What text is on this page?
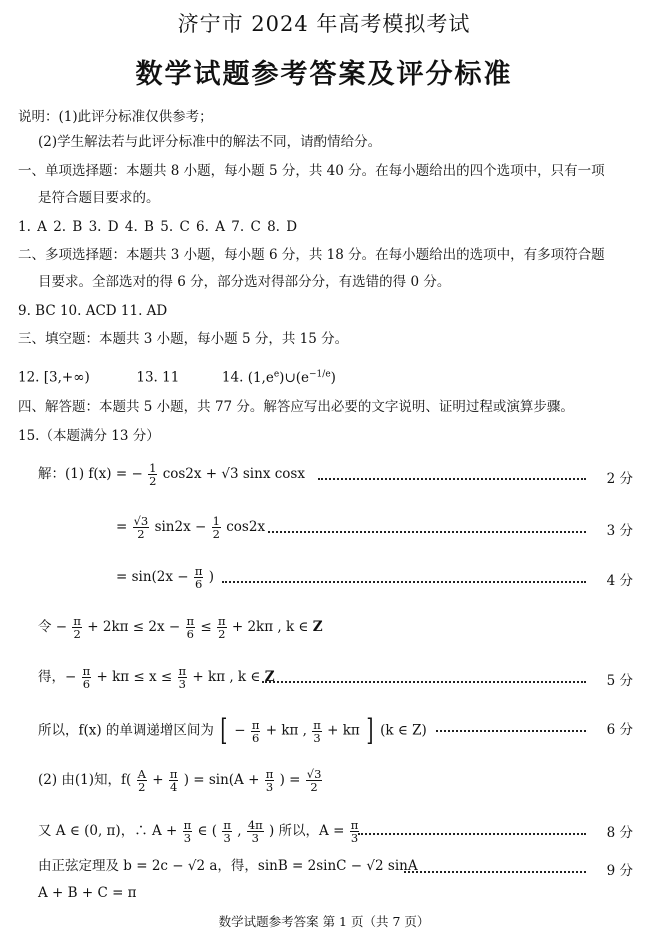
济宁市 2024 年高考模拟考试
数学试题参考答案及评分标准
说明：(1)此评分标准仅供参考；
(2)学生解法若与此评分标准中的解法不同，请酌情给分。
一、单项选择题：本题共 8 小题，每小题 5 分，共 40 分。在每小题给出的四个选项中，只有一项
是符合题目要求的。
1. A 2. B 3. D 4. B 5. C 6. A 7. C 8. D
二、多项选择题：本题共 3 小题，每小题 6 分，共 18 分。在每小题给出的选项中，有多项符合题
目要求。全部选对的得 6 分，部分选对得部分分，有选错的得 0 分。
9. BC 10. ACD 11. AD
三、填空题：本题共 3 小题，每小题 5 分，共 15 分。
12. [3,+∞)	13. 11	14. $(1,e^e)\cup(e^{-1/e})$
四、解答题：本题共 5 小题，共 77 分。解答应写出必要的文字说明、证明过程或演算步骤。
15.（本题满分 13 分）
解：(1) f(x) = − $\frac{1}{2} \cos 2x + √3$ sinx cosx	2 分
= $\frac{√3}{2} \sin 2x - \frac{1}{2} \cos 2x$	3 分
= $\sin(2x - \frac{\pi}{6}$ )	4 分
令 − $\frac{\pi}{2} + 2k\pi \le 2x - \frac{\pi}{6} \le \frac{\pi}{2} + 2k\pi$ , k ∈ Z
得，− $\frac{\pi}{6} + k\pi \le x \le \frac{\pi}{3} + k\pi$ , k ∈ Z	5 分
所以，f(x) 的单调递增区间为 [ − $\frac{\pi}{6} + k\pi$ , $\frac{\pi}{3} + k\pi$ ] (k ∈ Z)	6 分
(2) 由(1)知，$f( \frac{A}{2} + \frac{\pi}{4}$ ) = $\sin(A + \frac{\pi}{3}$ ) = $\frac{√3}{2}$
又 A ∈ (0, π)，∴ $A + \frac{\pi}{3}$ ∈ ( $\frac{\pi}{3}$ , $\frac{4\pi}{3}$ ) 所以，$A = \frac{\pi}{3}$	8 分
由正弦定理及 b = 2c − √2 a，得，sinB = 2sinC − √2 sinA	9 分
A + B + C = π
数学试题参考答案 第 1 页（共 7 页）
